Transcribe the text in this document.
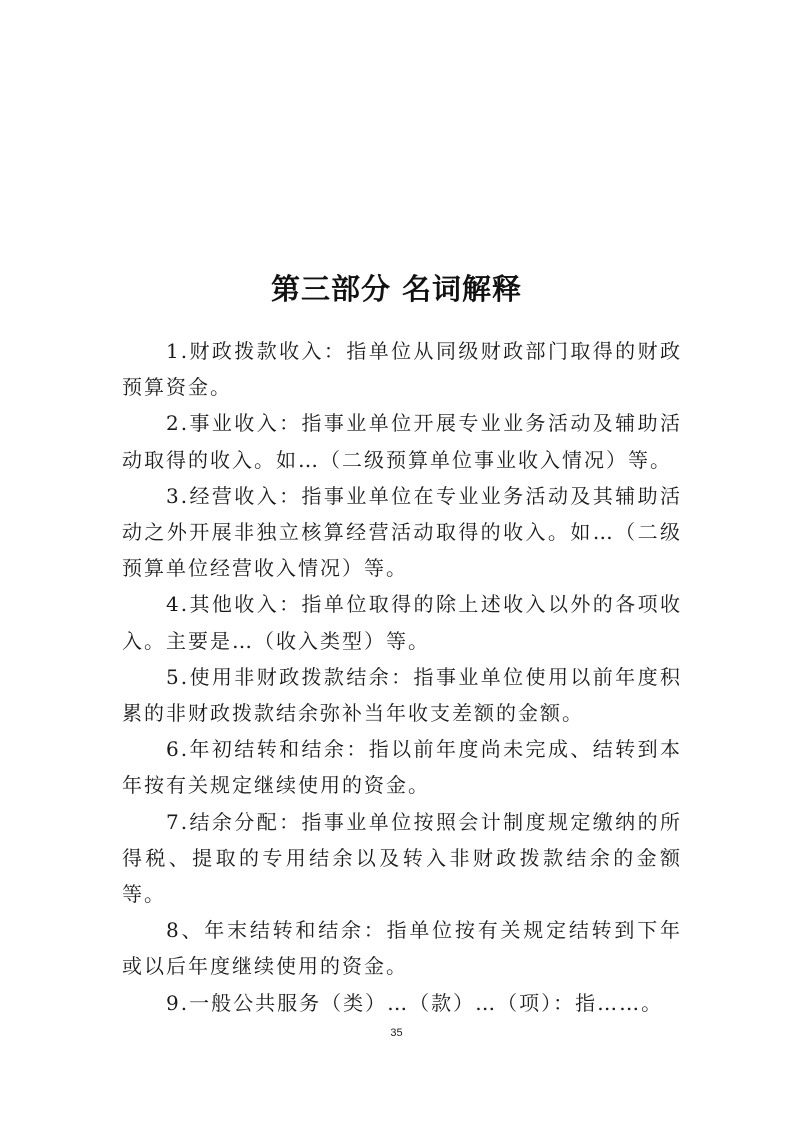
第三部分 名词解释

1.财政拨款收入：指单位从同级财政部门取得的财政预算资金。

2.事业收入：指事业单位开展专业业务活动及辅助活动取得的收入。如…（二级预算单位事业收入情况）等。

3.经营收入：指事业单位在专业业务活动及其辅助活动之外开展非独立核算经营活动取得的收入。如…（二级预算单位经营收入情况）等。

4.其他收入：指单位取得的除上述收入以外的各项收入。主要是…（收入类型）等。

5.使用非财政拨款结余：指事业单位使用以前年度积累的非财政拨款结余弥补当年收支差额的金额。

6.年初结转和结余：指以前年度尚未完成、结转到本年按有关规定继续使用的资金。

7.结余分配：指事业单位按照会计制度规定缴纳的所得税、提取的专用结余以及转入非财政拨款结余的金额等。

8、年末结转和结余：指单位按有关规定结转到下年或以后年度继续使用的资金。

9.一般公共服务（类）…（款）…（项）：指……。

35
